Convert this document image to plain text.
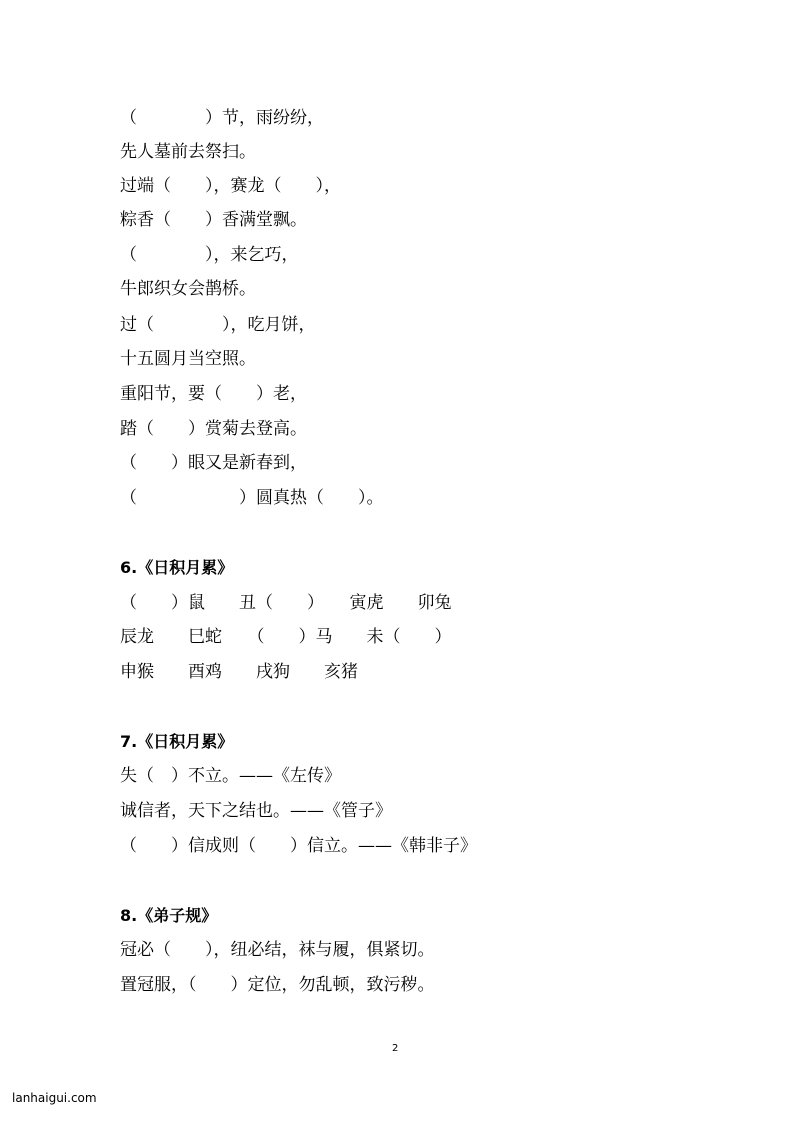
（　　　　）节，雨纷纷，
先人墓前去祭扫。
过端（　　），赛龙（　　），
粽香（　　）香满堂飘。
（　　　　），来乞巧，
牛郎织女会鹊桥。
过（　　　　），吃月饼，
十五圆月当空照。
重阳节，要（　　）老，
踏（　　）赏菊去登高。
（　　）眼又是新春到，
（　　　　　　）圆真热（　　）。
6.《日积月累》
（　　）鼠　　丑（　　）　　寅虎　　卯兔
辰龙　　巳蛇　　（　　）马　　未（　　）
申猴　　酉鸡　　戌狗　　亥猪
7.《日积月累》
失（　）不立。——《左传》
诚信者，天下之结也。——《管子》
（　　）信成则（　　）信立。——《韩非子》
8.《弟子规》
冠必（　　），纽必结，袜与履，俱紧切。
置冠服，（　　）定位，勿乱顿，致污秽。
2
lanhaigui.com
